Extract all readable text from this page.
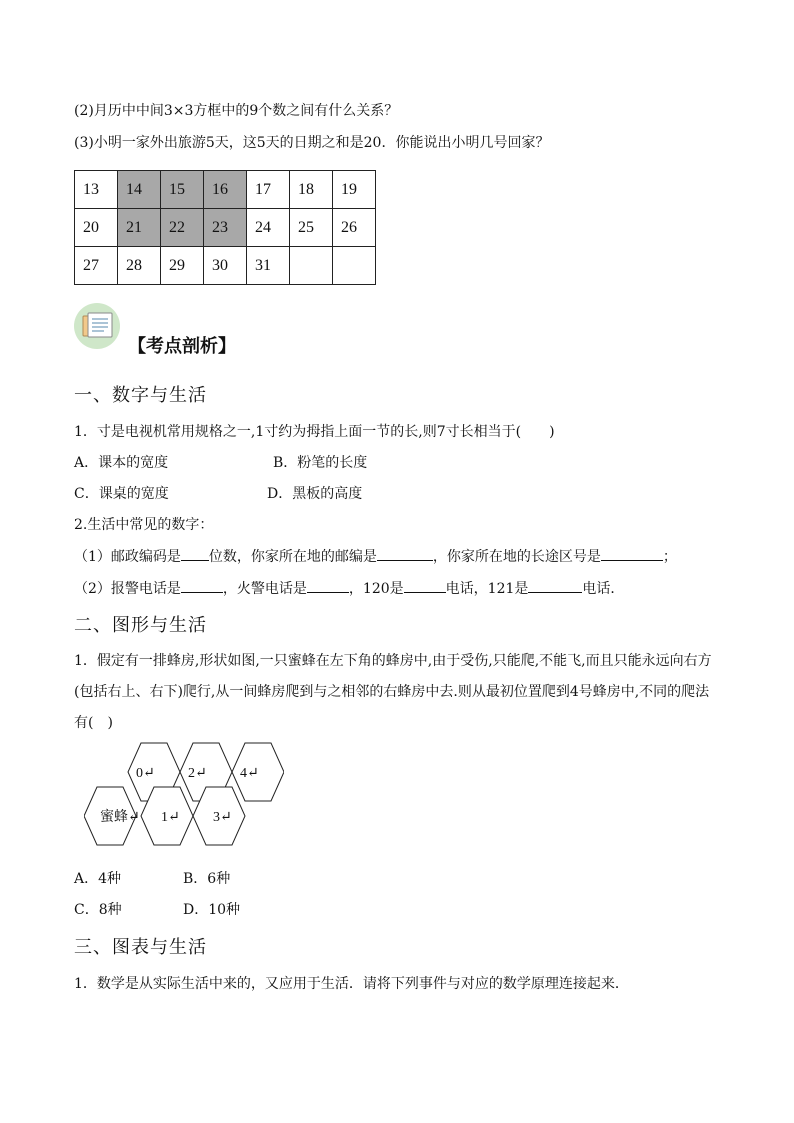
(2)月历中中间3×3方框中的9个数之间有什么关系？
(3)小明一家外出旅游5天，这5天的日期之和是20．你能说出小明几号回家？
13	14	15	16	17	18	19
20	21	22	23	24	25	26
27	28	29	30	31		
【考点剖析】
一、数字与生活
1．寸是电视机常用规格之一,1寸约为拇指上面一节的长,则7寸长相当于(　　)
A．课本的宽度	B．粉笔的长度
C．课桌的宽度	D．黑板的高度
2.生活中常见的数字：
（1）邮政编码是 位数，你家所在地的邮编是	，你家所在地的长途区号是	；
（2）报警电话是	，火警电话是	，120是	电话，121是	电话．
二、图形与生活
1．假定有一排蜂房,形状如图,一只蜜蜂在左下角的蜂房中,由于受伤,只能爬,不能飞,而且只能永远向右方
(包括右上、右下)爬行,从一间蜂房爬到与之相邻的右蜂房中去.则从最初位置爬到4号蜂房中,不同的爬法
有(　)
0↵ 2↵ 4↵
蜜蜂↵ 1↵ 3↵
A．4种	B．6种
C．8种	D．10种
三、图表与生活
1．数学是从实际生活中来的，又应用于生活．请将下列事件与对应的数学原理连接起来．
